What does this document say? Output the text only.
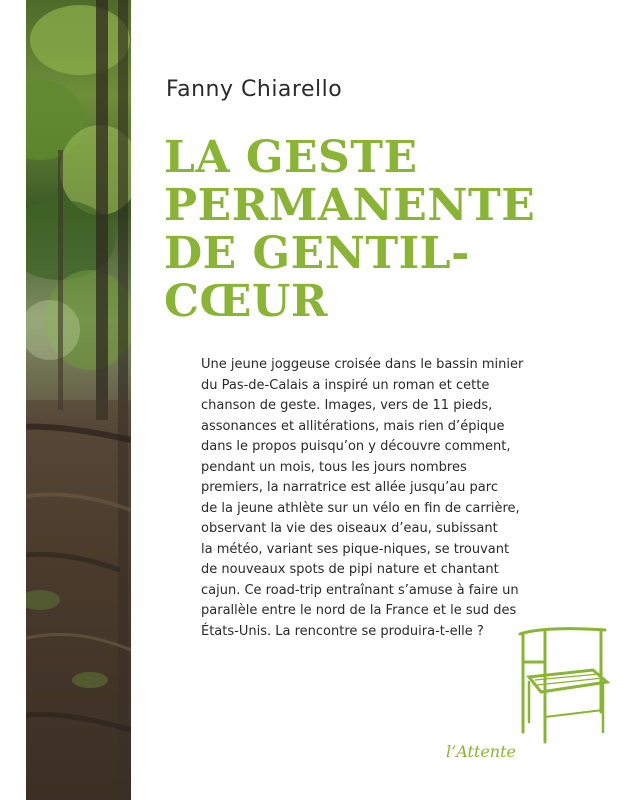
Fanny Chiarello
LA GESTE
PERMANENTE
DE GENTIL-
CŒUR
Une jeune joggeuse croisée dans le bassin minier
du Pas-de-Calais a inspiré un roman et cette
chanson de geste. Images, vers de 11 pieds,
assonances et allitérations, mais rien d’épique
dans le propos puisqu’on y découvre comment,
pendant un mois, tous les jours nombres
premiers, la narratrice est allée jusqu’au parc
de la jeune athlète sur un vélo en fin de carrière,
observant la vie des oiseaux d’eau, subissant
la météo, variant ses pique-niques, se trouvant
de nouveaux spots de pipi nature et chantant
cajun. Ce road-trip entraînant s’amuse à faire un
parallèle entre le nord de la France et le sud des
États-Unis. La rencontre se produira-t-elle ?
l’Attente
